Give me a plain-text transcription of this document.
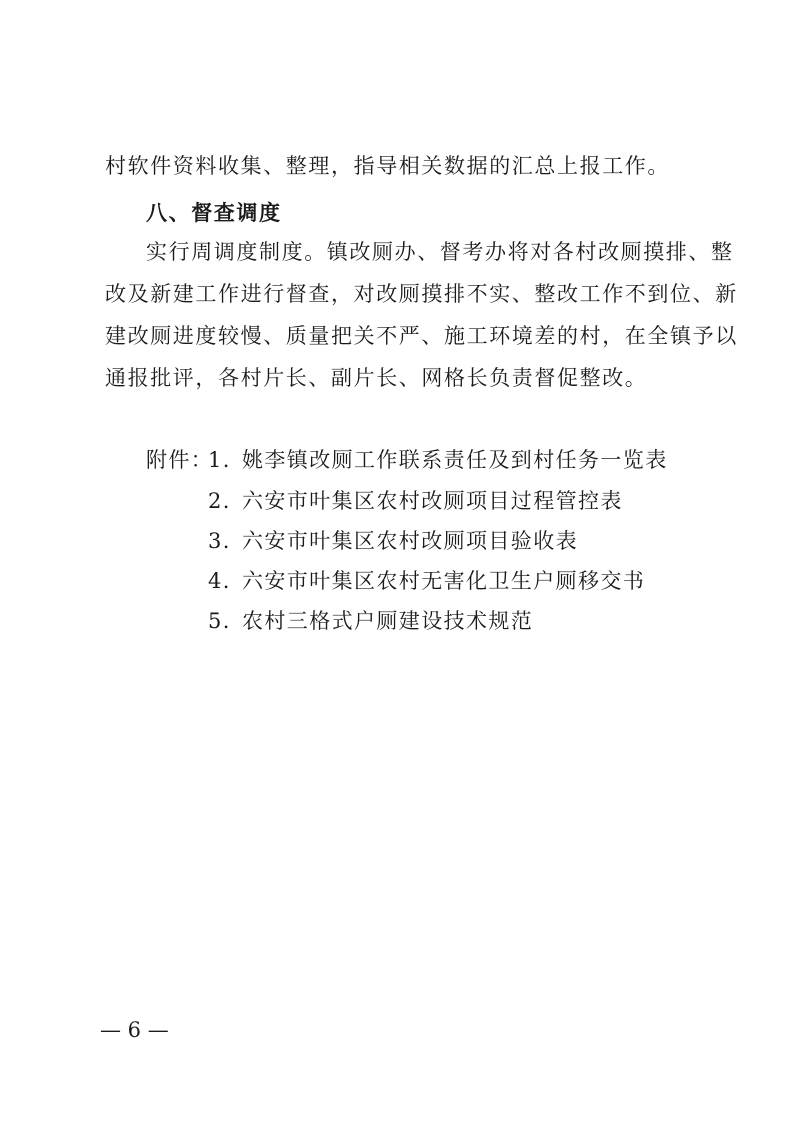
村软件资料收集、整理，指导相关数据的汇总上报工作。
八、督查调度
实行周调度制度。镇改厕办、督考办将对各村改厕摸排、整
改及新建工作进行督查，对改厕摸排不实、整改工作不到位、新
建改厕进度较慢、质量把关不严、施工环境差的村，在全镇予以
通报批评，各村片长、副片长、网格长负责督促整改。
附件：
1. 姚李镇改厕工作联系责任及到村任务一览表
2. 六安市叶集区农村改厕项目过程管控表
3. 六安市叶集区农村改厕项目验收表
4. 六安市叶集区农村无害化卫生户厕移交书
5. 农村三格式户厕建设技术规范
— 6 —
